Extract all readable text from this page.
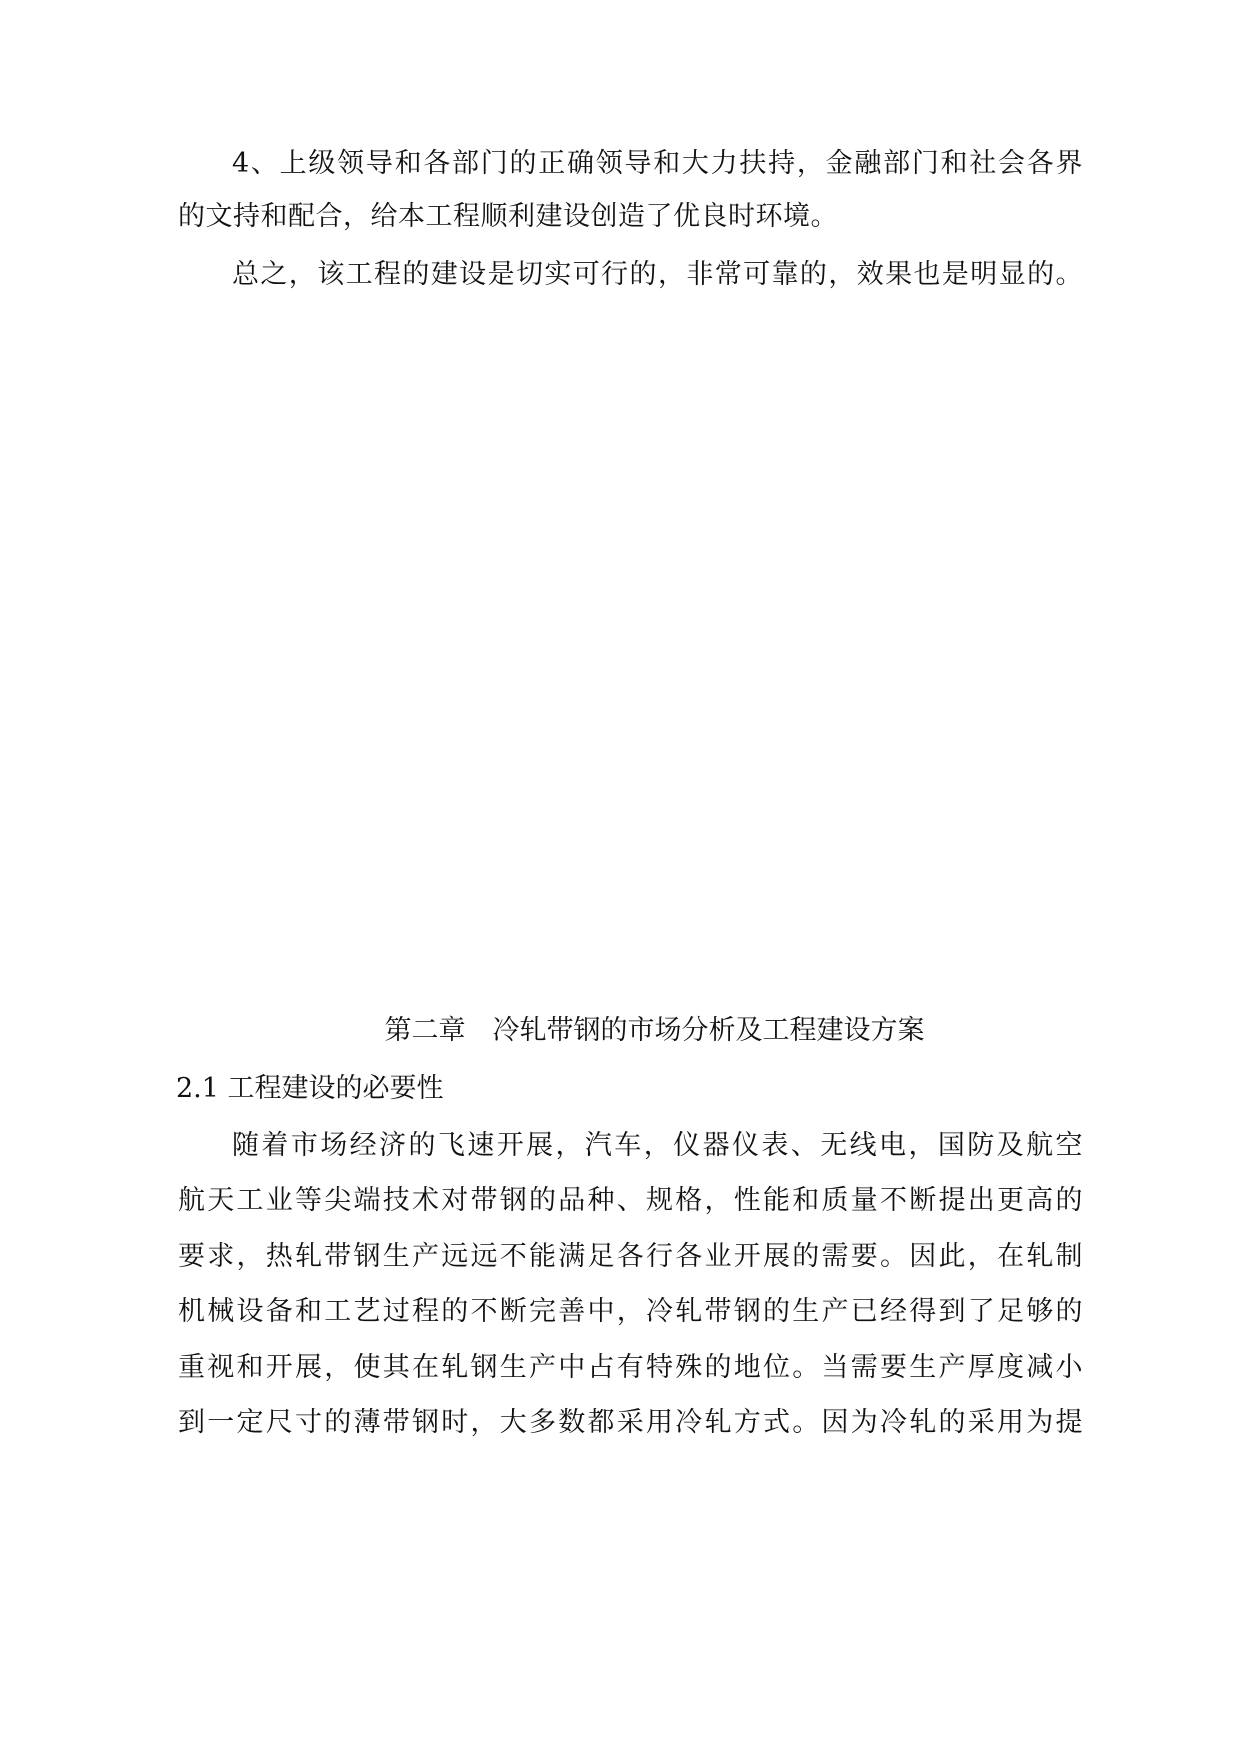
4、上级领导和各部门的正确领导和大力扶持，金融部门和社会各界
的文持和配合，给本工程顺利建设创造了优良时环境。
总之，该工程的建设是切实可行的，非常可靠的，效果也是明显的。
第二章　冷轧带钢的市场分析及工程建设方案
2.1 工程建设的必要性
随着市场经济的飞速开展，汽车，仪器仪表、无线电，国防及航空
航天工业等尖端技术对带钢的品种、规格，性能和质量不断提出更高的
要求，热轧带钢生产远远不能满足各行各业开展的需要。因此，在轧制
机械设备和工艺过程的不断完善中，冷轧带钢的生产已经得到了足够的
重视和开展，使其在轧钢生产中占有特殊的地位。当需要生产厚度减小
到一定尺寸的薄带钢时，大多数都采用冷轧方式。因为冷轧的采用为提
